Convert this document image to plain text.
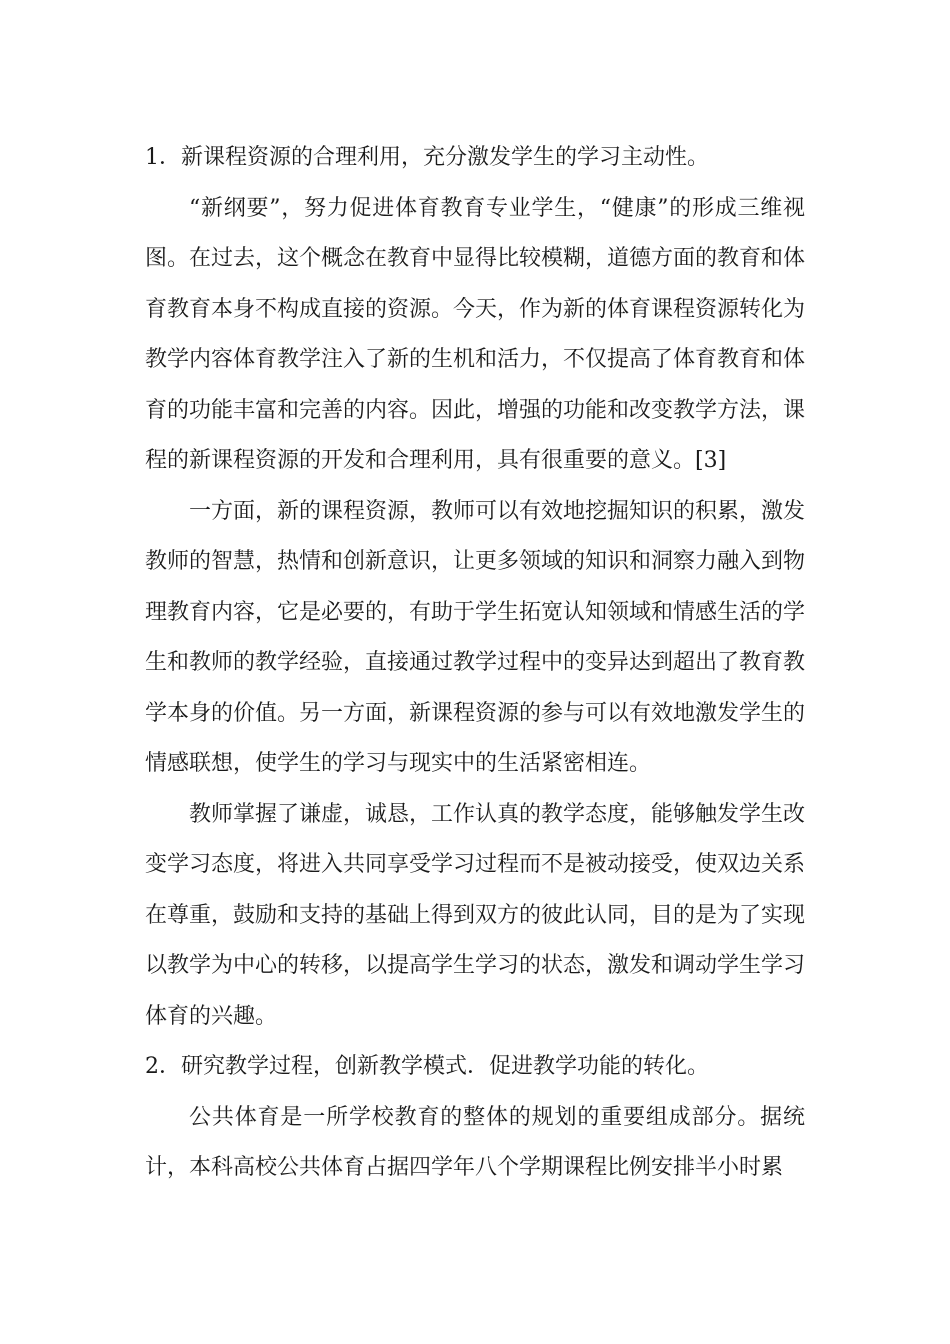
1．新课程资源的合理利用，充分激发学生的学习主动性。

“新纲要”，努力促进体育教育专业学生，“健康”的形成三维视图。在过去，这个概念在教育中显得比较模糊，道德方面的教育和体育教育本身不构成直接的资源。今天，作为新的体育课程资源转化为教学内容体育教学注入了新的生机和活力，不仅提高了体育教育和体育的功能丰富和完善的内容。因此，增强的功能和改变教学方法，课程的新课程资源的开发和合理利用，具有很重要的意义。[3]

一方面，新的课程资源，教师可以有效地挖掘知识的积累，激发教师的智慧，热情和创新意识，让更多领域的知识和洞察力融入到物理教育内容，它是必要的，有助于学生拓宽认知领域和情感生活的学生和教师的教学经验，直接通过教学过程中的变异达到超出了教育教学本身的价值。另一方面，新课程资源的参与可以有效地激发学生的情感联想，使学生的学习与现实中的生活紧密相连。

教师掌握了谦虚，诚恳，工作认真的教学态度，能够触发学生改变学习态度，将进入共同享受学习过程而不是被动接受，使双边关系在尊重，鼓励和支持的基础上得到双方的彼此认同，目的是为了实现以教学为中心的转移，以提高学生学习的状态，激发和调动学生学习体育的兴趣。

2．研究教学过程，创新教学模式．促进教学功能的转化。

公共体育是一所学校教育的整体的规划的重要组成部分。据统计，本科高校公共体育占据四学年八个学期课程比例安排半小时累
